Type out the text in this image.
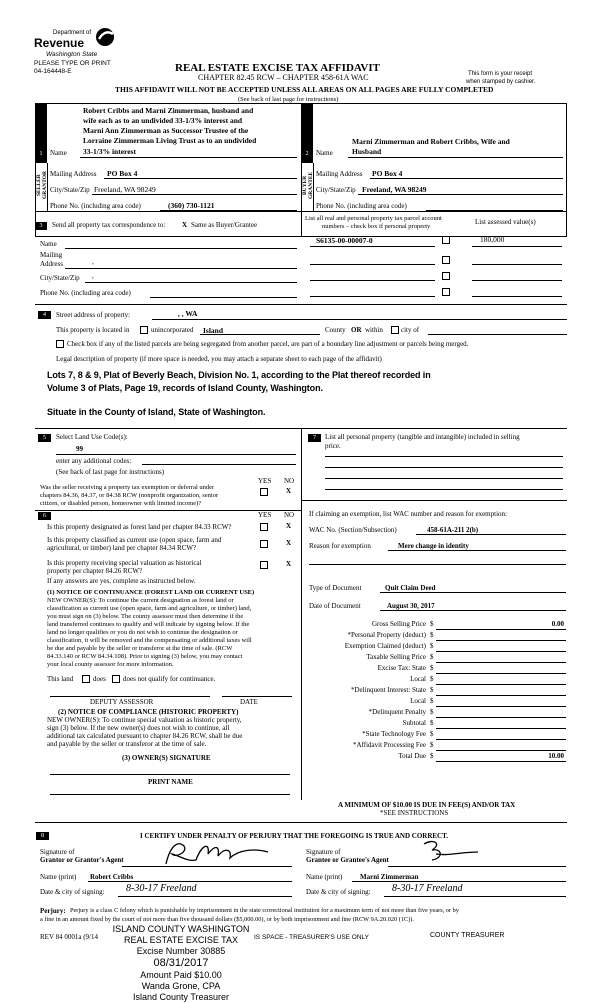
Department of
Revenue
Washington State
PLEASE TYPE OR PRINT
04-164448-E	REAL ESTATE EXCISE TAX AFFIDAVIT
CHAPTER 82.45 RCW – CHAPTER 458-61A WAC	This form is your receipt
when stamped by cashier.
THIS AFFIDAVIT WILL NOT BE ACCEPTED UNLESS ALL AREAS ON ALL PAGES ARE FULLY COMPLETED
(See back of last page for instructions)
1	2
SELLER GRANTOR	BUYER GRANTEE
Robert Cribbs and Marni Zimmerman, husband and
wife each as to an undivided 33-1/3% interest and
Marni Ann Zimmerman as Successor Trustee of the
Lorraine Zimmerman Living Trust as to an undivided
Name 33-1/3% interest
Mailing Address PO Box 4
City/State/Zip Freeland, WA 98249
Phone No. (including area code)	(360) 730-1121
Marni Zimmerman and Robert Cribbs, Wife and
Name	Husband
Mailing Address PO Box 4
City/State/Zip Freeland, WA 98249
Phone No. (including area code)
3	Send all property tax correspondence to: X Same as Buyer/Grantee
Name
Mailing
Address	,
City/State/Zip ,
Phone No. (including area code)
List all real and personal property tax parcel account
numbers – check box if personal property
List assessed value(s)
S6135-00-00007-0	180,000
4	Street address of property:	, , WA
This property is located in	unincorporated Island	County OR within	city of
Check box if any of the listed parcels are being segregated from another parcel, are part of a boundary line adjustment or parcels being merged.
Legal description of property (if more space is needed, you may attach a separate sheet to each page of the affidavit)
Lots 7, 8 & 9, Plat of Beverly Beach, Division No. 1, according to the Plat thereof recorded in
Volume 3 of Plats, Page 19, records of Island County, Washington.
Situate in the County of Island, State of Washington.
5	Select Land Use Code(s):
99
enter any additional codes:
(See back of last page for instructions)
YES NO
Was the seller receiving a property tax exemption or deferral under
chapters 84.36, 84.37, or 84.38 RCW (nonprofit organization, senior
citizen, or disabled person, homeowner with limited income)?
X
6	YES NO
Is this property designated as forest land per chapter 84.33 RCW?	X
Is this property classified as current use (open space, farm and
agricultural, or timber) land per chapter 84.34 RCW?
X
Is this property receiving special valuation as historical
property per chapter 84.26 RCW?
X
If any answers are yes, complete as instructed below.
(1) NOTICE OF CONTINUANCE (FOREST LAND OR CURRENT USE)
NEW OWNER(S): To continue the current designation as forest land or
classification as current use (open space, farm and agriculture, or timber) land,
you must sign on (3) below. The county assessor must then determine if the
land transferred continues to qualify and will indicate by signing below. If the
land no longer qualifies or you do not wish to continue the designation or
classification, it will be removed and the compensating or additional taxes will
be due and payable by the seller or transferor at the time of sale. (RCW
84.33.140 or RCW 84.34.108). Prior to signing (3) below, you may contact
your local county assessor for more information.
This land	does does not qualify for continuance.
DEPUTY ASSESSOR	DATE
(2) NOTICE OF COMPLIANCE (HISTORIC PROPERTY)
NEW OWNER(S): To continue special valuation as historic property,
sign (3) below. If the new owner(s) does not wish to continue, all
additional tax calculated pursuant to chapter 84.26 RCW, shall be due
and payable by the seller or transferor at the time of sale.
(3) OWNER(S) SIGNATURE
PRINT NAME
7	List all personal property (tangible and intangible) included in selling
price.
If claiming an exemption, list WAC number and reason for exemption:
WAC No. (Section/Subsection)	458-61A-211 2(b)
Reason for exemption	Mere change in identity
Type of Document	Quit Claim Deed
Date of Document	August 30, 2017
Gross Selling Price $	0.00
*Personal Property (deduct) $
Exemption Claimed (deduct) $
Taxable Selling Price $
Excise Tax: State $
Local $
*Delinquent Interest: State $
Local $
*Delinquent Penalty $
Subtotal $
*State Technology Fee $
*Affidavit Processing Fee $
Total Due $	10.00
A MINIMUM OF $10.00 IS DUE IN FEE(S) AND/OR TAX
*SEE INSTRUCTIONS
8	I CERTIFY UNDER PENALTY OF PERJURY THAT THE FOREGOING IS TRUE AND CORRECT.
Signature of
Grantor or Grantor's Agent
Name (print) Robert Cribbs
Date & city of signing: 8-30-17 Freeland
Signature of
Grantee or Grantee's Agent
Name (print)	Marni Zimmerman
Date & city of signing: 8-30-17 Freeland
Perjury: Perjury is a class C felony which is punishable by imprisonment in the state correctional institution for a maximum term of not more than five years, or by
a fine in an amount fixed by the court of not more than five thousand dollars ($5,000.00), or by both imprisonment and fine (RCW 9A.20.020 (1C)).
REV 84 0001a (9/14	IS SPACE - TREASURER'S USE ONLY	COUNTY TREASURER
ISLAND COUNTY WASHINGTON
REAL ESTATE EXCISE TAX
Excise Number 30885
08/31/2017
Amount Paid $10.00
Wanda Grone, CPA
Island County Treasurer
